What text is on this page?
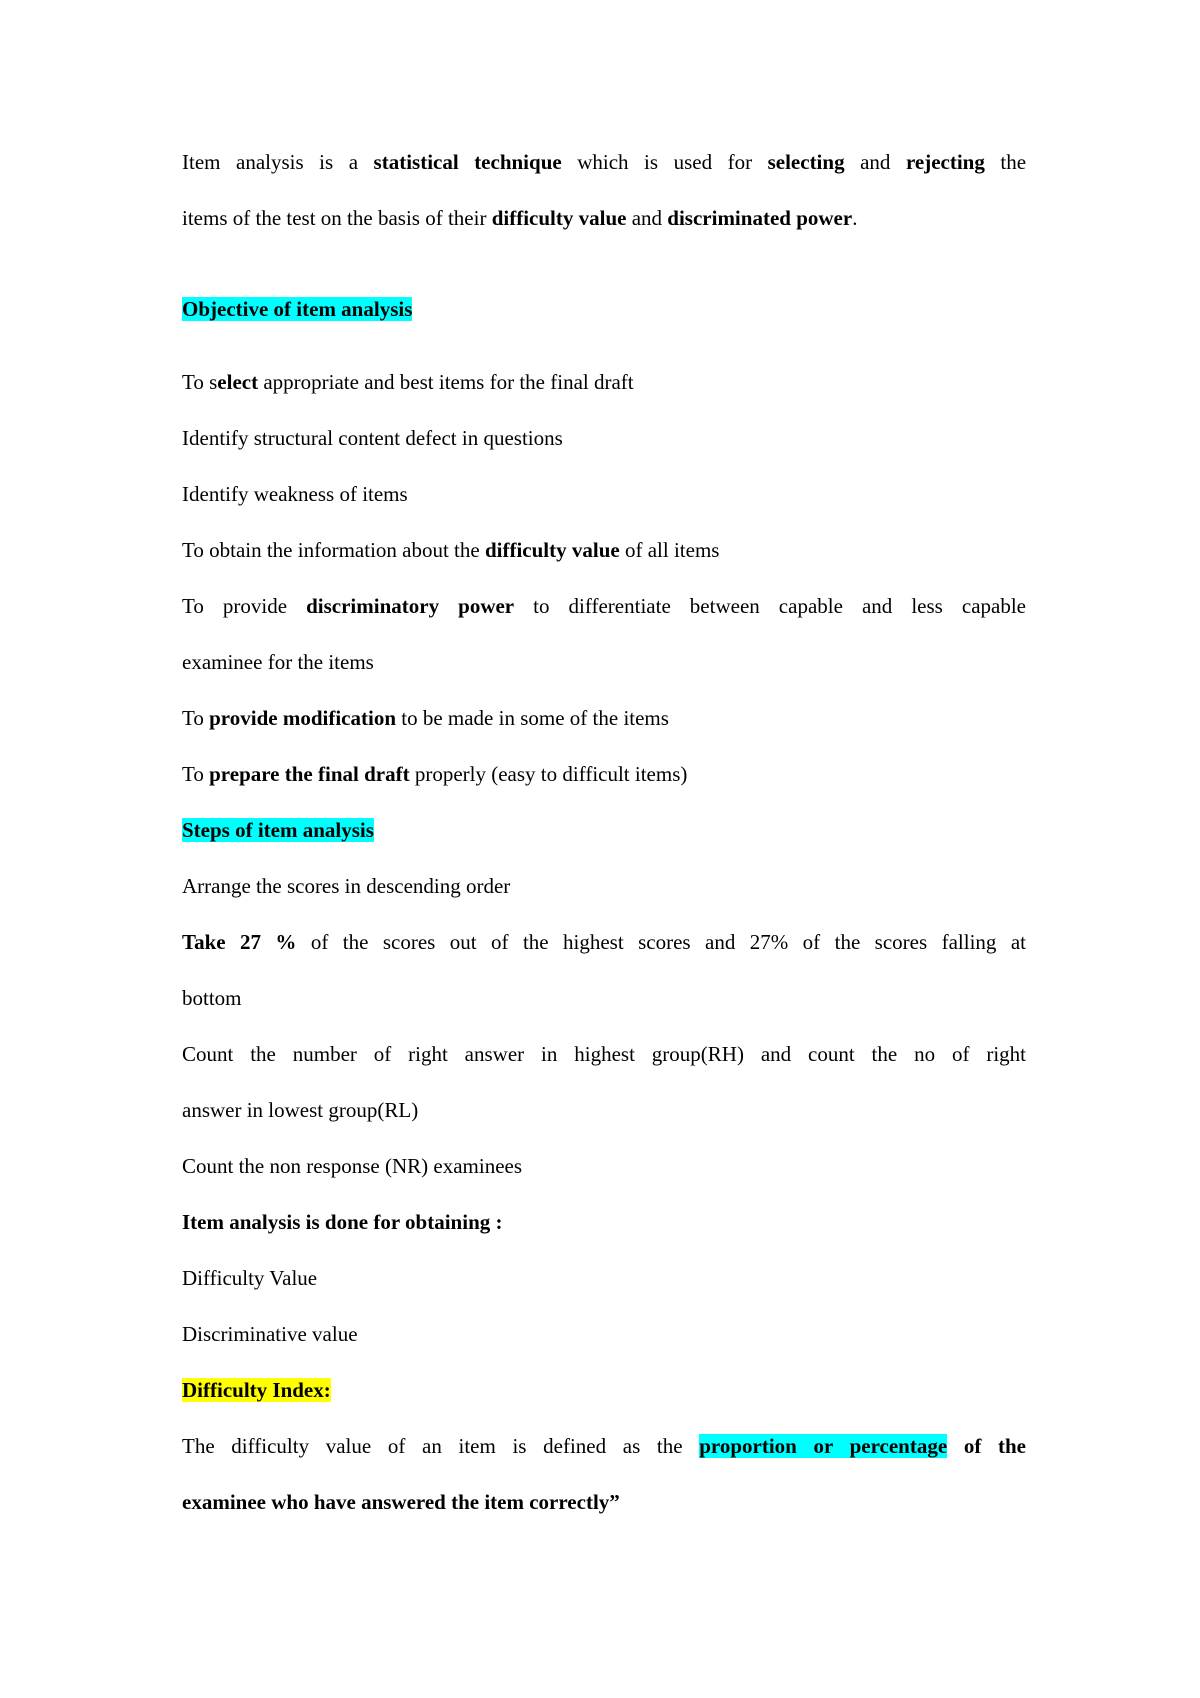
Item analysis is a statistical technique which is used for selecting and rejecting the
items of the test on the basis of their difficulty value and discriminated power.
Objective of item analysis
To select appropriate and best items for the final draft
Identify structural content defect in questions
Identify weakness of items
To obtain the information about the difficulty value of all items
To provide discriminatory power to differentiate between capable and less capable
examinee for the items
To provide modification to be made in some of the items
To prepare the final draft properly (easy to difficult items)
Steps of item analysis
Arrange the scores in descending order
Take 27 % of the scores out of the highest scores and 27% of the scores falling at
bottom
Count the number of right answer in highest group(RH) and count the no of right
answer in lowest group(RL)
Count the non response (NR) examinees
Item analysis is done for obtaining :
Difficulty Value
Discriminative value
Difficulty Index:
The difficulty value of an item is defined as the proportion or percentage of the
examinee who have answered the item correctly”
